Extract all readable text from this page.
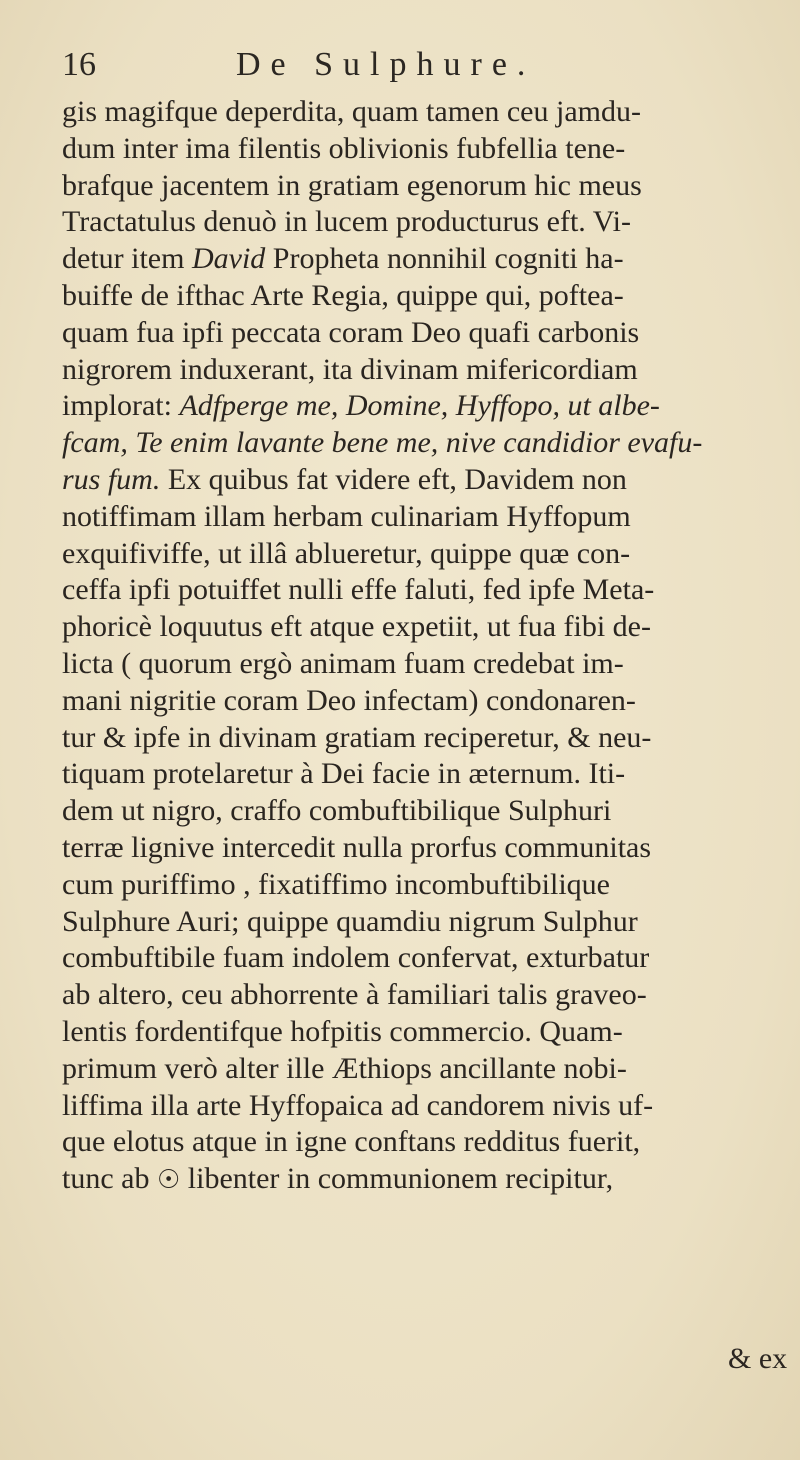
16	De Sulphure.
gis magifque deperdita, quam tamen ceu jamdu-
dum inter ima filentis oblivionis fubfellia tene-
brafque jacentem in gratiam egenorum hic meus
Tractatulus denuò in lucem producturus eft. Vi-
detur item David Propheta nonnihil cogniti ha-
buiffe de ifthac Arte Regia, quippe qui, poftea-
quam fua ipfi peccata coram Deo quafi carbonis
nigrorem induxerant, ita divinam mifericordiam
implorat: Adfperge me, Domine, Hyffopo, ut albe-
fcam, Te enim lavante bene me, nive candidior evafu-
rus fum. Ex quibus fat videre eft, Davidem non
notiffimam illam herbam culinariam Hyffopum
exquifiviffe, ut illâ ablueretur, quippe quæ con-
ceffa ipfi potuiffet nulli effe faluti, fed ipfe Meta-
phoricè loquutus eft atque expetiit, ut fua fibi de-
licta ( quorum ergò animam fuam credebat im-
mani nigritie coram Deo infectam) condonaren-
tur & ipfe in divinam gratiam reciperetur, & neu-
tiquam protelaretur à Dei facie in æternum. Iti-
dem ut nigro, craffo combuftibilique Sulphuri
terræ lignive intercedit nulla prorfus communitas
cum puriffimo , fixatiffimo incombuftibilique
Sulphure Auri; quippe quamdiu nigrum Sulphur
combuftibile fuam indolem confervat, exturbatur
ab altero, ceu abhorrente à familiari talis graveo-
lentis fordentifque hofpitis commercio. Quam-
primum verò alter ille Æthiops ancillante nobi-
liffima illa arte Hyffopaica ad candorem nivis uf-
que elotus atque in igne conftans redditus fuerit,
tunc ab ☉ libenter in communionem recipitur,
& ex
